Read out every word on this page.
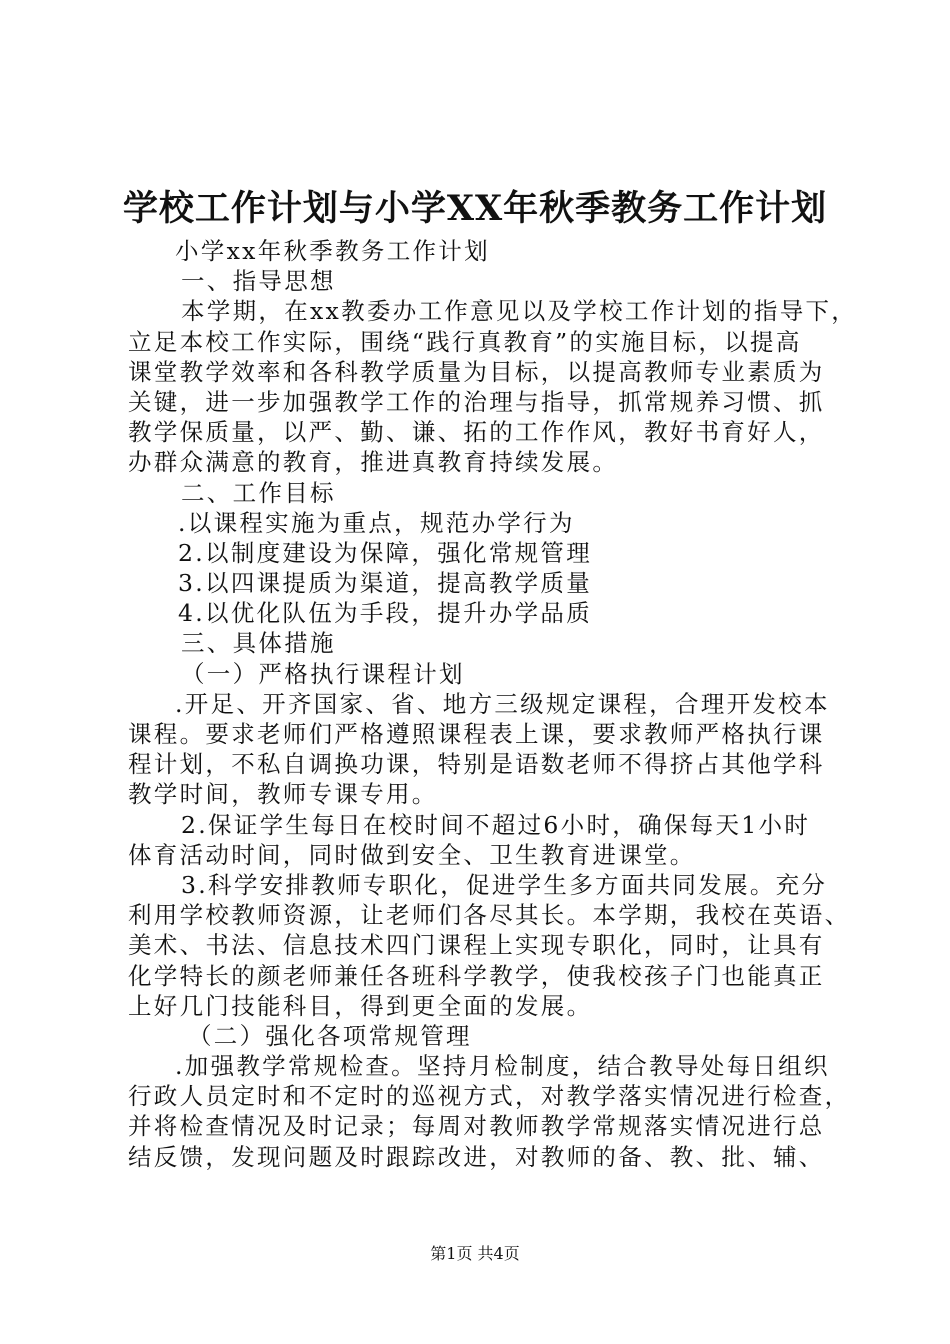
学校工作计划与小学XX年秋季教务工作计划
小学xx年秋季教务工作计划
一、指导思想
本学期，在xx教委办工作意见以及学校工作计划的指导下，
立足本校工作实际，围绕“践行真教育”的实施目标，以提高
课堂教学效率和各科教学质量为目标，以提高教师专业素质为
关键，进一步加强教学工作的治理与指导，抓常规养习惯、抓
教学保质量，以严、勤、谦、拓的工作作风，教好书育好人，
办群众满意的教育，推进真教育持续发展。
二、工作目标
.以课程实施为重点，规范办学行为
2.以制度建设为保障，强化常规管理
3.以四课提质为渠道，提高教学质量
4.以优化队伍为手段，提升办学品质
三、具体措施
（一）严格执行课程计划
.开足、开齐国家、省、地方三级规定课程，合理开发校本
课程。要求老师们严格遵照课程表上课，要求教师严格执行课
程计划，不私自调换功课，特别是语数老师不得挤占其他学科
教学时间，教师专课专用。
2.保证学生每日在校时间不超过6小时，确保每天1小时
体育活动时间，同时做到安全、卫生教育进课堂。
3.科学安排教师专职化，促进学生多方面共同发展。充分
利用学校教师资源，让老师们各尽其长。本学期，我校在英语、
美术、书法、信息技术四门课程上实现专职化，同时，让具有
化学特长的颜老师兼任各班科学教学，使我校孩子门也能真正
上好几门技能科目，得到更全面的发展。
（二）强化各项常规管理
.加强教学常规检查。坚持月检制度，结合教导处每日组织
行政人员定时和不定时的巡视方式，对教学落实情况进行检查，
并将检查情况及时记录；每周对教师教学常规落实情况进行总
结反馈，发现问题及时跟踪改进，对教师的备、教、批、辅、
第1页 共4页
